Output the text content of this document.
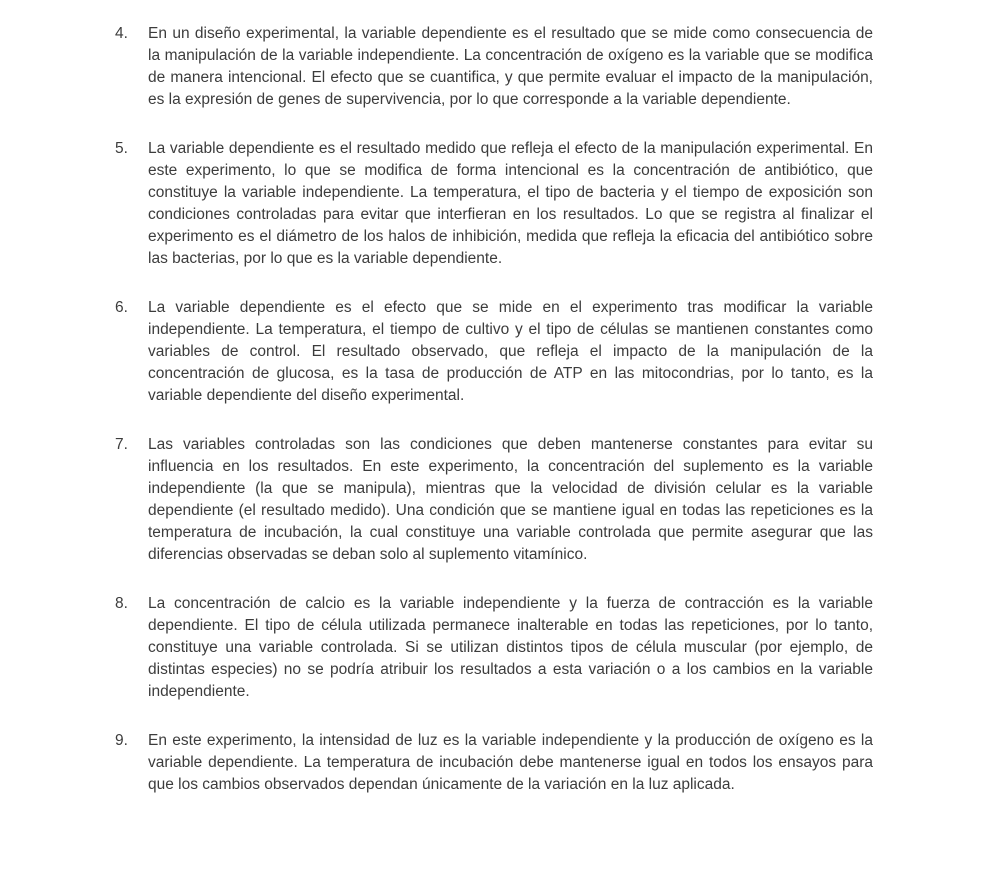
4.	En un diseño experimental, la variable dependiente es el resultado que se mide como consecuencia de la manipulación de la variable independiente. La concentración de oxígeno es la variable que se modifica de manera intencional. El efecto que se cuantifica, y que permite evaluar el impacto de la manipulación, es la expresión de genes de supervivencia, por lo que corresponde a la variable dependiente.
5.	La variable dependiente es el resultado medido que refleja el efecto de la manipulación experimental. En este experimento, lo que se modifica de forma intencional es la concentración de antibiótico, que constituye la variable independiente. La temperatura, el tipo de bacteria y el tiempo de exposición son condiciones controladas para evitar que interfieran en los resultados. Lo que se registra al finalizar el experimento es el diámetro de los halos de inhibición, medida que refleja la eficacia del antibiótico sobre las bacterias, por lo que es la variable dependiente.
6.	La variable dependiente es el efecto que se mide en el experimento tras modificar la variable independiente. La temperatura, el tiempo de cultivo y el tipo de células se mantienen constantes como variables de control. El resultado observado, que refleja el impacto de la manipulación de la concentración de glucosa, es la tasa de producción de ATP en las mitocondrias, por lo tanto, es la variable dependiente del diseño experimental.
7.	Las variables controladas son las condiciones que deben mantenerse constantes para evitar su influencia en los resultados. En este experimento, la concentración del suplemento es la variable independiente (la que se manipula), mientras que la velocidad de división celular es la variable dependiente (el resultado medido). Una condición que se mantiene igual en todas las repeticiones es la temperatura de incubación, la cual constituye una variable controlada que permite asegurar que las diferencias observadas se deban solo al suplemento vitamínico.
8.	La concentración de calcio es la variable independiente y la fuerza de contracción es la variable dependiente. El tipo de célula utilizada permanece inalterable en todas las repeticiones, por lo tanto, constituye una variable controlada. Si se utilizan distintos tipos de célula muscular (por ejemplo, de distintas especies) no se podría atribuir los resultados a esta variación o a los cambios en la variable independiente.
9.	En este experimento, la intensidad de luz es la variable independiente y la producción de oxígeno es la variable dependiente. La temperatura de incubación debe mantenerse igual en todos los ensayos para que los cambios observados dependan únicamente de la variación en la luz aplicada.
